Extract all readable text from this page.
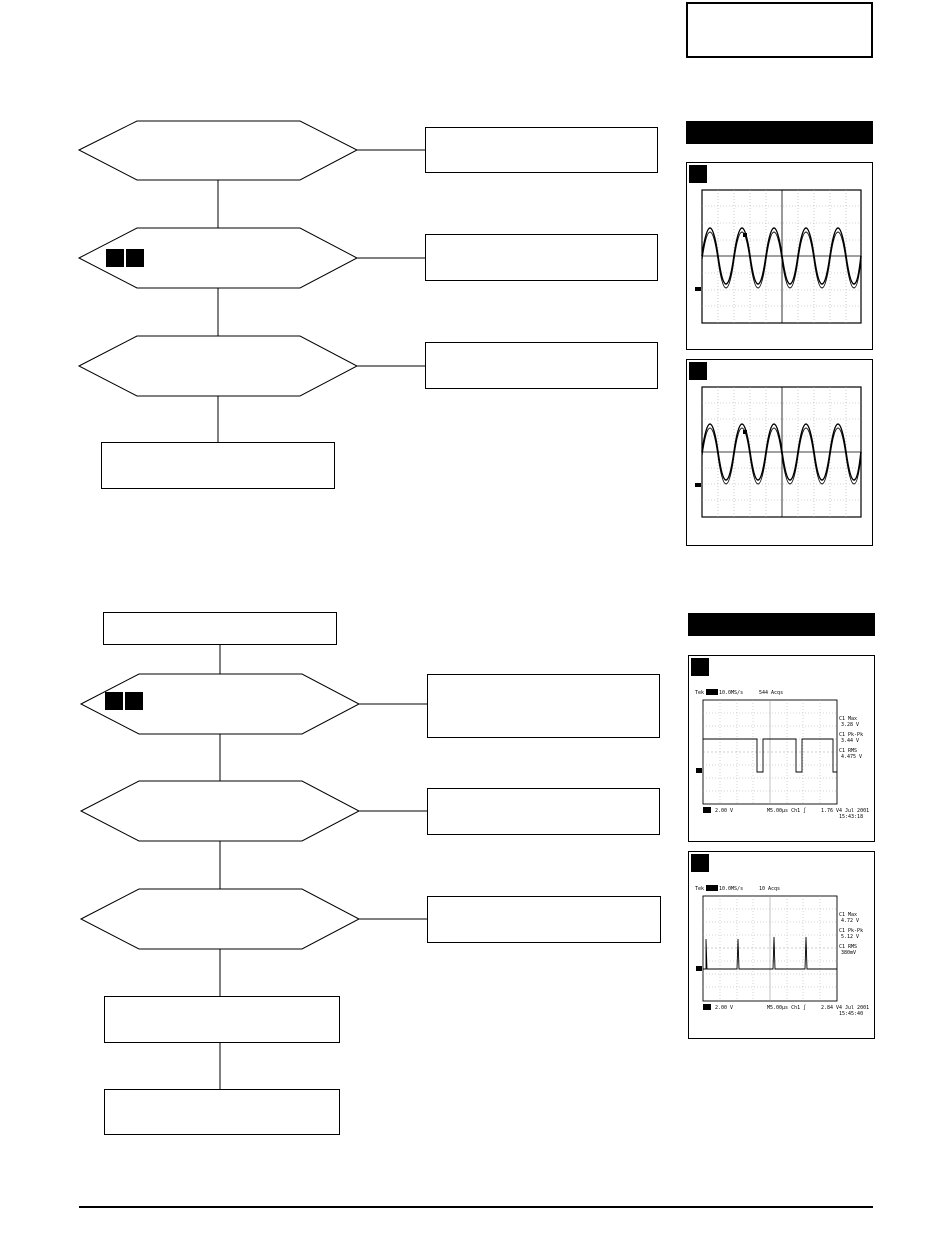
Tek	10.0MS/s	544 Acqs
C1 Max
3.28 V
C1 Pk-Pk
3.44 V
C1 RMS
4.475 V
2.00 V	M5.00µs Ch1 ∫	1.76 V 4 Jul 2001
15:43:18
Tek	10.0MS/s	10 Acqs
C1 Max
4.72 V
C1 Pk-Pk
5.12 V
C1 RMS
380mV
2.00 V	M5.00µs Ch1 ∫	2.84 V 4 Jul 2001
15:45:40
